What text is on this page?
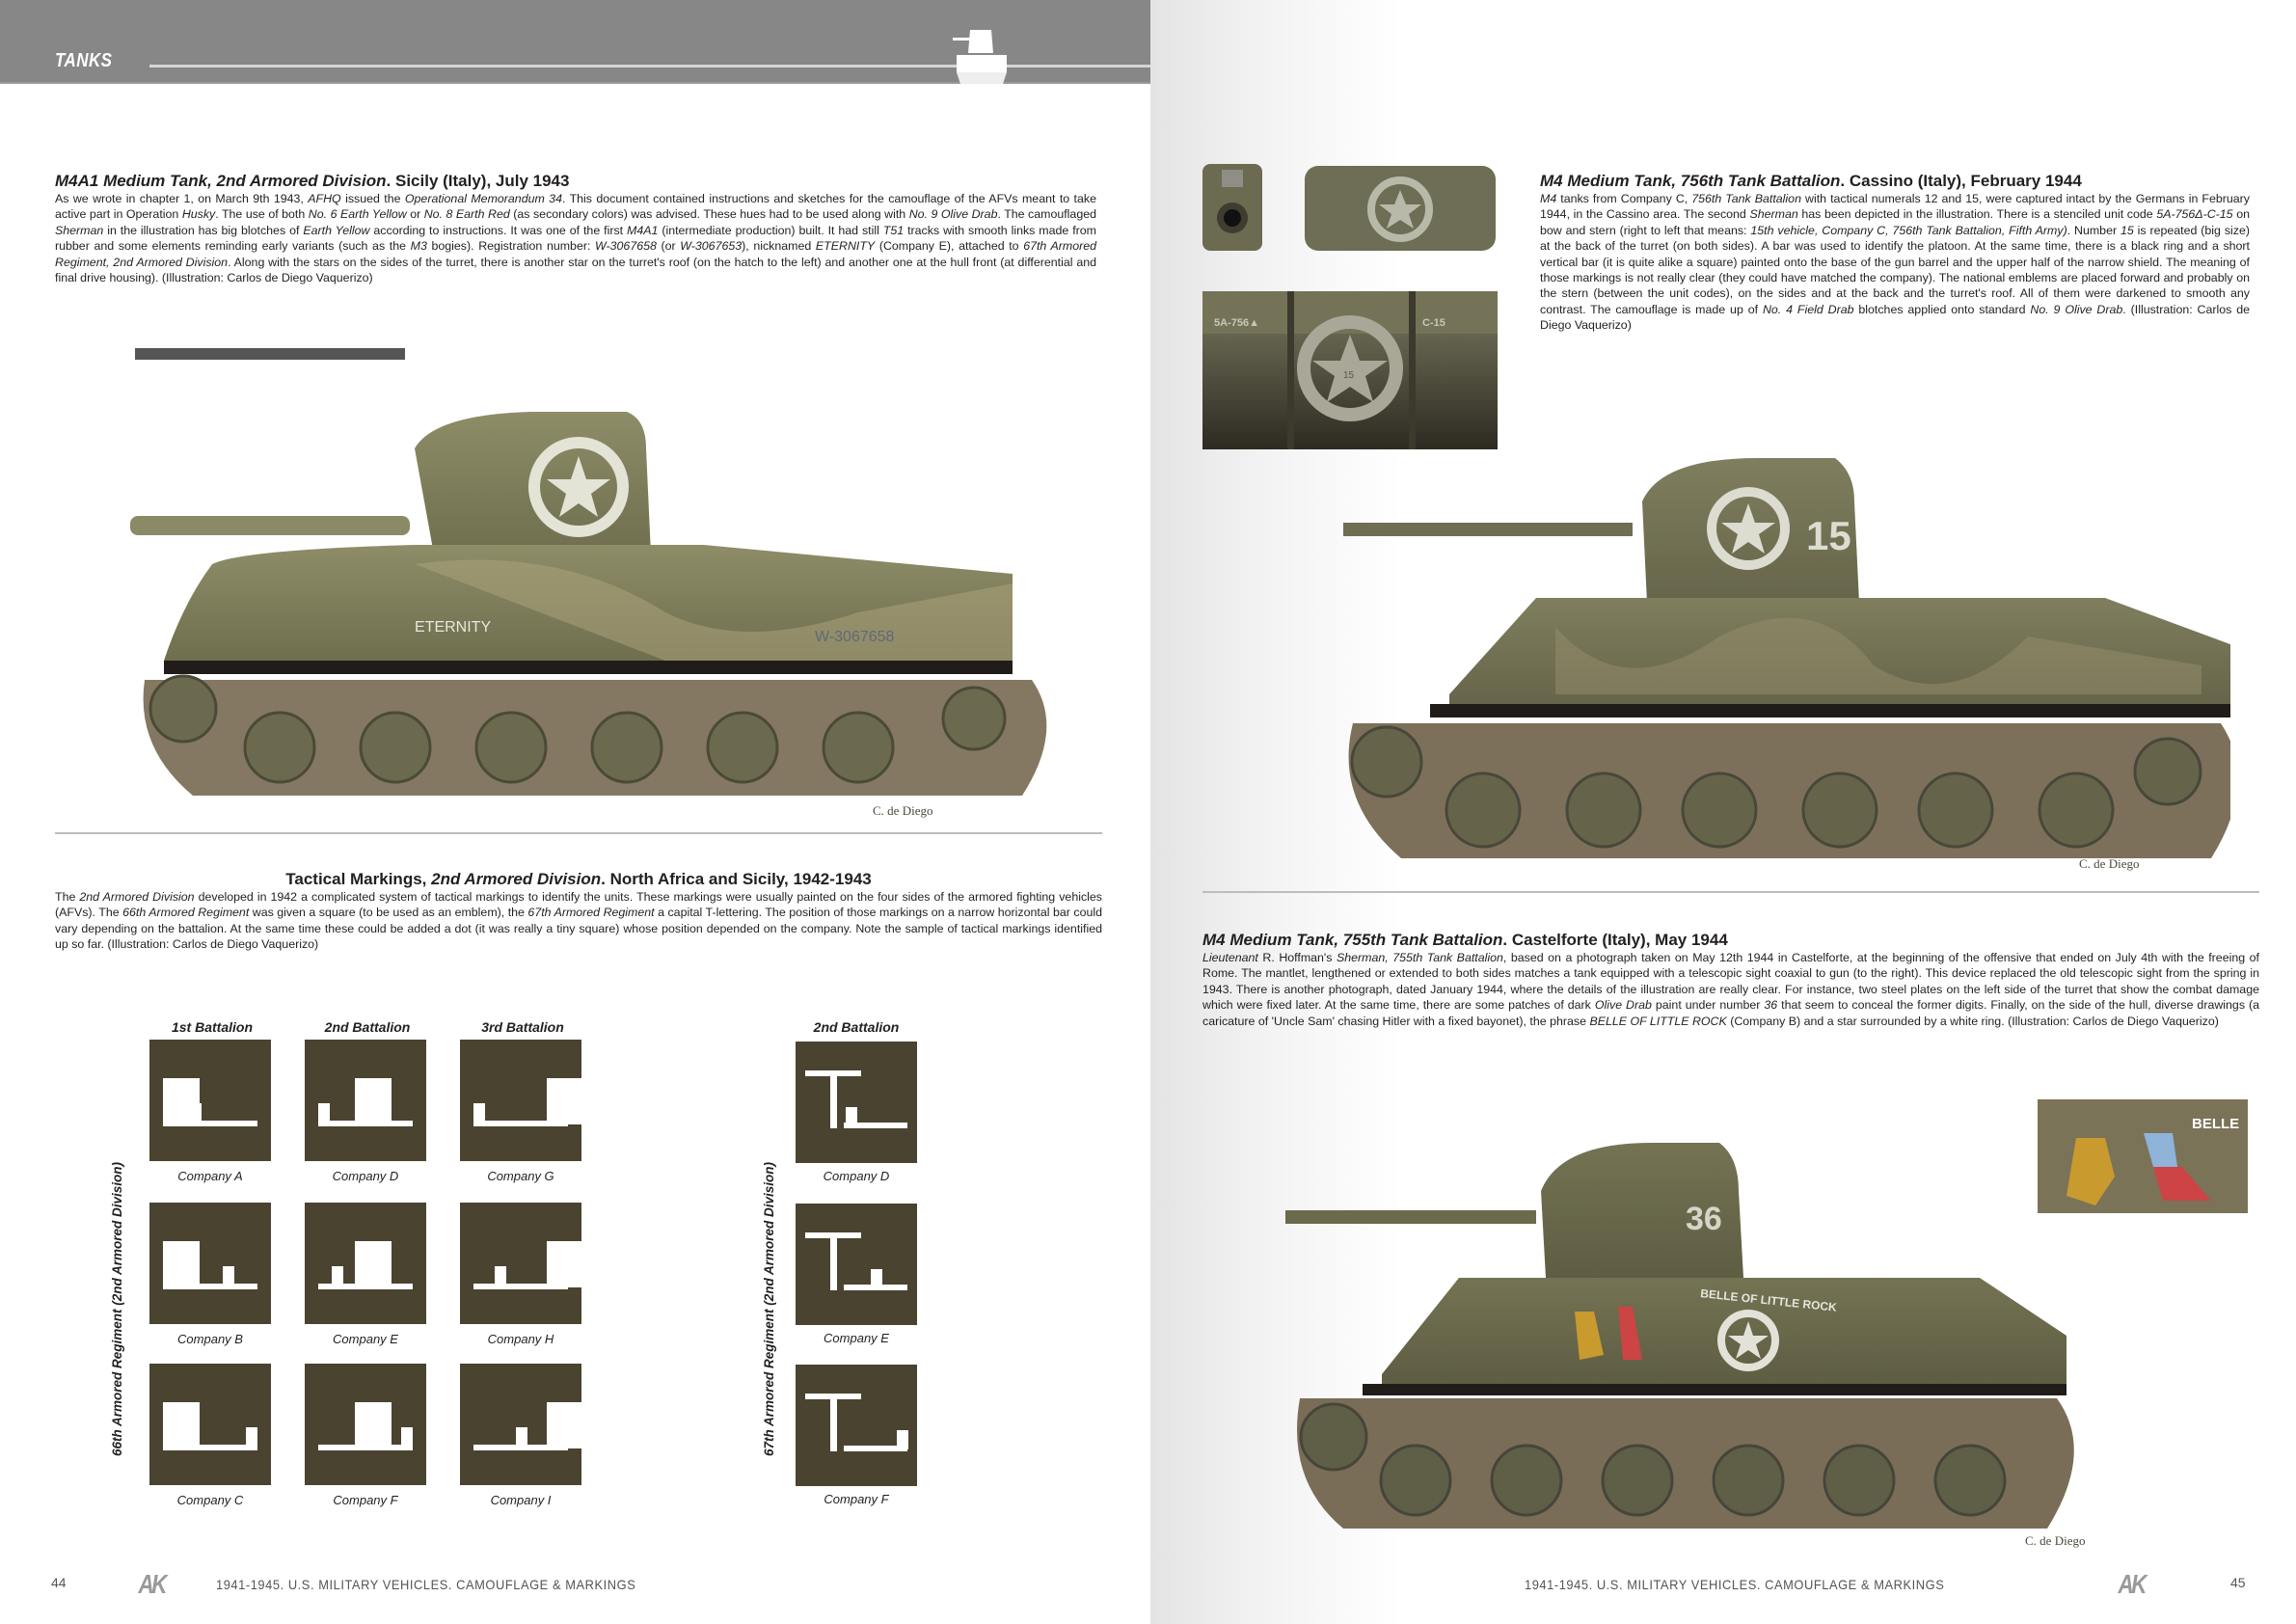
TANKS
M4A1 Medium Tank, 2nd Armored Division. Sicily (Italy), July 1943
As we wrote in chapter 1, on March 9th 1943, AFHQ issued the Operational Memorandum 34. This document contained instructions and sketches for the camouflage of the AFVs meant to take active part in Operation Husky. The use of both No. 6 Earth Yellow or No. 8 Earth Red (as secondary colors) was advised. These hues had to be used along with No. 9 Olive Drab. The camouflaged Sherman in the illustration has big blotches of Earth Yellow according to instructions. It was one of the first M4A1 (intermediate production) built. It had still T51 tracks with smooth links made from rubber and some elements reminding early variants (such as the M3 bogies). Registration number: W-3067658 (or W-3067653), nicknamed ETERNITY (Company E), attached to 67th Armored Regiment, 2nd Armored Division. Along with the stars on the sides of the turret, there is another star on the turret's roof (on the hatch to the left) and another one at the hull front (at differential and final drive housing). (Illustration: Carlos de Diego Vaquerizo)
ETERNITY
W-3067658
C. de Diego
Tactical Markings, 2nd Armored Division. North Africa and Sicily, 1942-1943
The 2nd Armored Division developed in 1942 a complicated system of tactical markings to identify the units. These markings were usually painted on the four sides of the armored fighting vehicles (AFVs). The 66th Armored Regiment was given a square (to be used as an emblem), the 67th Armored Regiment a capital T-lettering. The position of those markings on a narrow horizontal bar could vary depending on the battalion. At the same time these could be added a dot (it was really a tiny square) whose position depended on the company. Note the sample of tactical markings identified up so far. (Illustration: Carlos de Diego Vaquerizo)
66th Armored Regiment (2nd Armored Division)
1st Battalion	2nd Battalion	3rd Battalion
Company A	Company D	Company G
Company B	Company E	Company H
Company C	Company F	Company I
67th Armored Regiment (2nd Armored Division)
2nd Battalion
Company D
Company E
Company F
44	AK	1941-1945. U.S. MILITARY VEHICLES. CAMOUFLAGE & MARKINGS
5A-756▲	C-15
15
M4 Medium Tank, 756th Tank Battalion. Cassino (Italy), February 1944
M4 tanks from Company C, 756th Tank Battalion with tactical numerals 12 and 15, were captured intact by the Germans in February 1944, in the Cassino area. The second Sherman has been depicted in the illustration. There is a stenciled unit code 5A-756Δ-C-15 on bow and stern (right to left that means: 15th vehicle, Company C, 756th Tank Battalion, Fifth Army). Number 15 is repeated (big size) at the back of the turret (on both sides). A bar was used to identify the platoon. At the same time, there is a black ring and a short vertical bar (it is quite alike a square) painted onto the base of the gun barrel and the upper half of the narrow shield. The meaning of those markings is not really clear (they could have matched the company). The national emblems are placed forward and probably on the stern (between the unit codes), on the sides and at the back and the turret's roof. All of them were darkened to smooth any contrast. The camouflage is made up of No. 4 Field Drab blotches applied onto standard No. 9 Olive Drab. (Illustration: Carlos de Diego Vaquerizo)
15
C. de Diego
M4 Medium Tank, 755th Tank Battalion. Castelforte (Italy), May 1944
Lieutenant R. Hoffman's Sherman, 755th Tank Battalion, based on a photograph taken on May 12th 1944 in Castelforte, at the beginning of the offensive that ended on July 4th with the freeing of Rome. The mantlet, lengthened or extended to both sides matches a tank equipped with a telescopic sight coaxial to gun (to the right). This device replaced the old telescopic sight from the spring in 1943. There is another photograph, dated January 1944, where the details of the illustration are really clear. For instance, two steel plates on the left side of the turret that show the combat damage which were fixed later. At the same time, there are some patches of dark Olive Drab paint under number 36 that seem to conceal the former digits. Finally, on the side of the hull, diverse drawings (a caricature of 'Uncle Sam' chasing Hitler with a fixed bayonet), the phrase BELLE OF LITTLE ROCK (Company B) and a star surrounded by a white ring. (Illustration: Carlos de Diego Vaquerizo)
BELLE
36
BELLE OF LITTLE ROCK
C. de Diego
1941-1945. U.S. MILITARY VEHICLES. CAMOUFLAGE & MARKINGS	AK	45
